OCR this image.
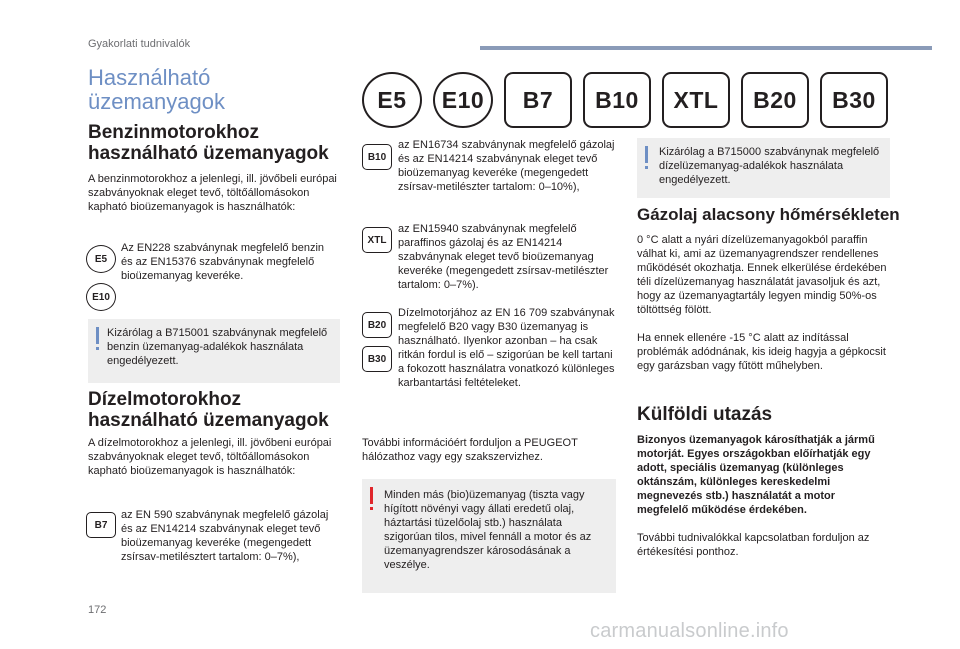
Gyakorlati tudnivalók
Használható
üzemanyagok	E5	E10	B7	B10	XTL	B20	B30
Benzinmotorokhoz
használható üzemanyagok
A benzinmotorokhoz a jelenlegi, ill. jövőbeli európai szabványoknak eleget tevő, töltőállomásokon kapható bioüzemanyagok is használhatók:
E5
E10
Az EN228 szabványnak megfelelő benzin és az EN15376 szabványnak megfelelő bioüzemanyag keveréke.
Kizárólag a B715001 szabványnak megfelelő benzin üzemanyag-adalékok használata engedélyezett.
Dízelmotorokhoz
használható üzemanyagok
A dízelmotorokhoz a jelenlegi, ill. jövőbeni európai szabványoknak eleget tevő, töltőállomásokon kapható bioüzemanyagok is használhatók:
B7
az EN 590 szabványnak megfelelő gázolaj és az EN14214 szabványnak eleget tevő bioüzemanyag keveréke (megengedett zsírsav-metilésztert tartalom: 0–7%),
B10
az EN16734 szabványnak megfelelő gázolaj és az EN14214 szabványnak eleget tevő bioüzemanyag keveréke (megengedett zsírsav-metilészter tartalom: 0–10%),
XTL
az EN15940 szabványnak megfelelő paraffinos gázolaj és az EN14214 szabványnak eleget tevő bioüzemanyag keveréke (megengedett zsírsav-metilészter tartalom: 0–7%).
B20
B30
Dízelmotorjához az EN 16 709 szabványnak megfelelő B20 vagy B30 üzemanyag is használható. Ilyenkor azonban – ha csak ritkán fordul is elő – szigorúan be kell tartani a fokozott használatra vonatkozó különleges karbantartási feltételeket.
További információért forduljon a PEUGEOT hálózathoz vagy egy szakszervizhez.
Minden más (bio)üzemanyag (tiszta vagy hígított növényi vagy állati eredetű olaj, háztartási tüzelőolaj stb.) használata szigorúan tilos, mivel fennáll a motor és az üzemanyagrendszer károsodásának a veszélye.
Kizárólag a B715000 szabványnak megfelelő dízelüzemanyag-adalékok használata engedélyezett.
Gázolaj alacsony hőmérsékleten
0 °C alatt a nyári dízelüzemanyagokból paraffin válhat ki, ami az üzemanyagrendszer rendellenes működését okozhatja. Ennek elkerülése érdekében téli dízelüzemanyag használatát javasoljuk és azt, hogy az üzemanyagtartály legyen mindig 50%-os töltöttség fölött.
Ha ennek ellenére -15 °C alatt az indítással problémák adódnának, kis ideig hagyja a gépkocsit egy garázsban vagy fűtött műhelyben.
Külföldi utazás
Bizonyos üzemanyagok károsíthatják a jármű motorját. Egyes országokban előírhatják egy adott, speciális üzemanyag (különleges oktánszám, különleges kereskedelmi megnevezés stb.) használatát a motor megfelelő működése érdekében.
További tudnivalókkal kapcsolatban forduljon az értékesítési ponthoz.
172
carmanualsonline.info
